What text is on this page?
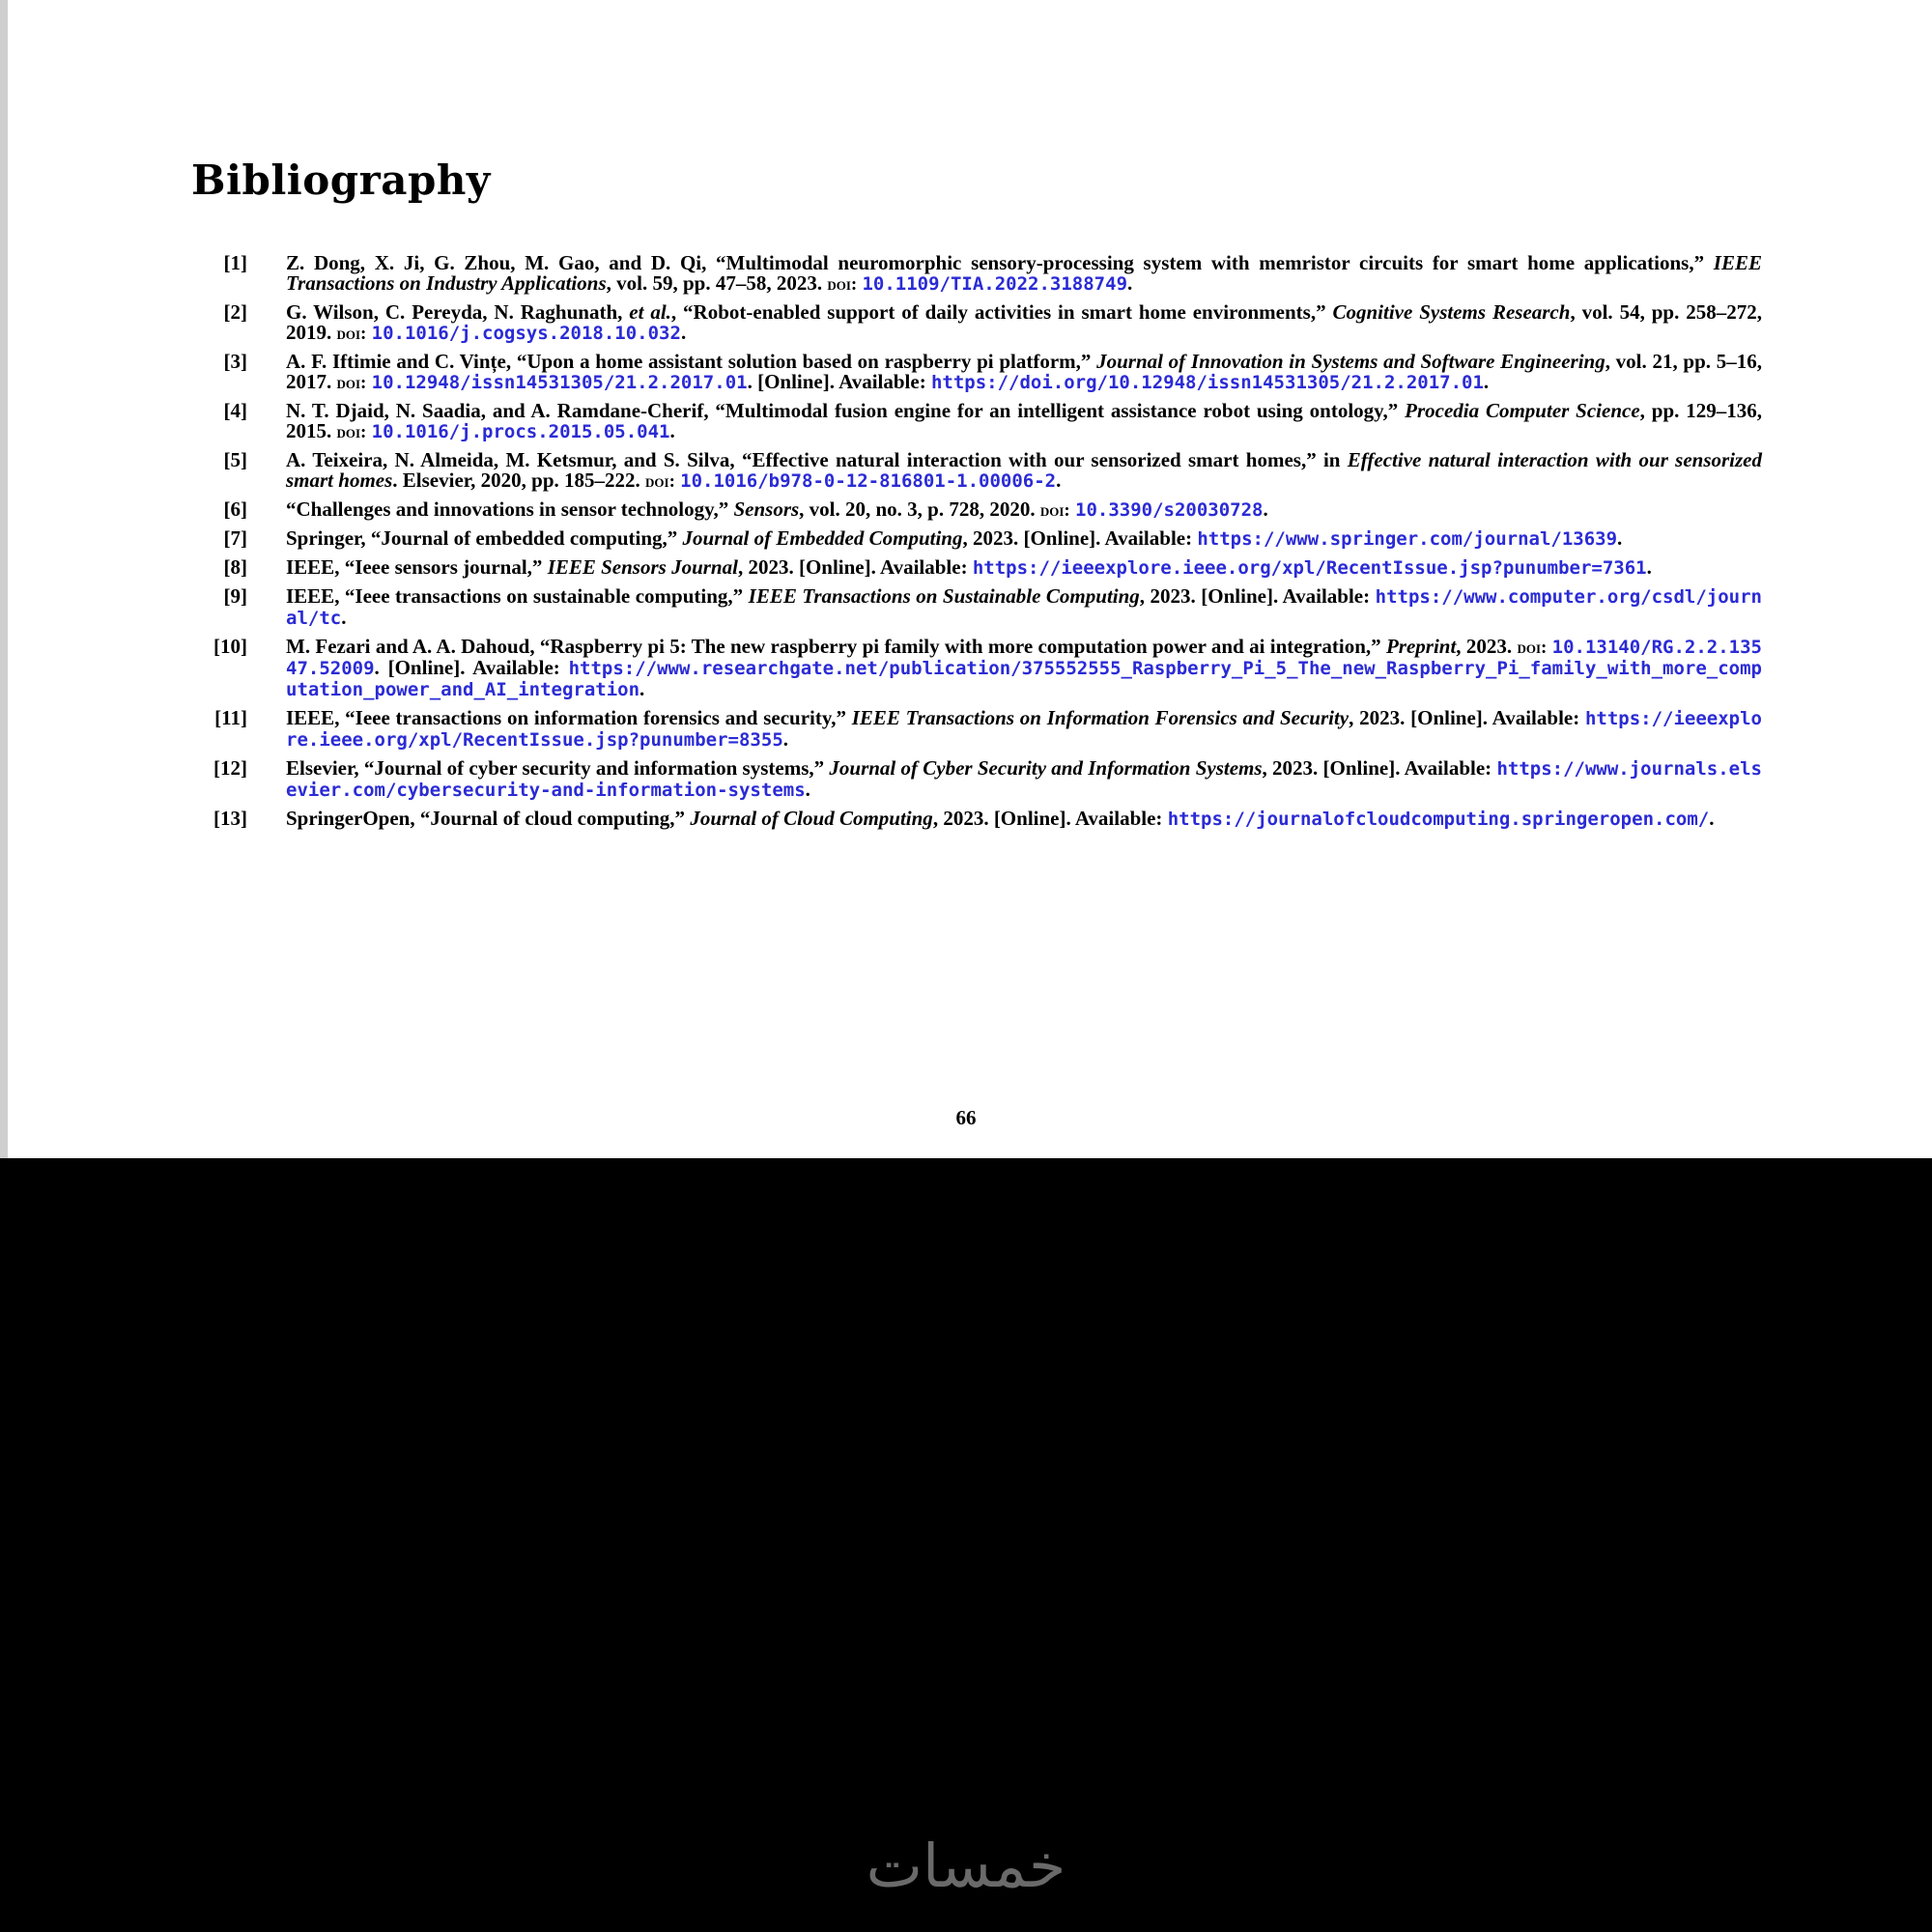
Bibliography
[1] Z. Dong, X. Ji, G. Zhou, M. Gao, and D. Qi, “Multimodal neuromorphic sensory-processing system with memristor circuits for smart home applications,” IEEE Transactions on Industry Applications, vol. 59, pp. 47–58, 2023. doi: 10.1109/TIA.2022.3188749.
[2] G. Wilson, C. Pereyda, N. Raghunath, et al., “Robot-enabled support of daily activities in smart home environments,” Cognitive Systems Research, vol. 54, pp. 258–272, 2019. doi: 10.1016/j.cogsys.2018.10.032.
[3] A. F. Iftimie and C. Vințe, “Upon a home assistant solution based on raspberry pi platform,” Journal of Innovation in Systems and Software Engineering, vol. 21, pp. 5–16, 2017. doi: 10.12948/issn14531305/21.2.2017.01. [Online]. Available: https://doi.org/10.12948/issn14531305/21.2.2017.01.
[4] N. T. Djaid, N. Saadia, and A. Ramdane-Cherif, “Multimodal fusion engine for an intelligent assistance robot using ontology,” Procedia Computer Science, pp. 129–136, 2015. doi: 10.1016/j.procs.2015.05.041.
[5] A. Teixeira, N. Almeida, M. Ketsmur, and S. Silva, “Effective natural interaction with our sensorized smart homes,” in Effective natural interaction with our sensorized smart homes. Elsevier, 2020, pp. 185–222. doi: 10.1016/b978-0-12-816801-1.00006-2.
[6] “Challenges and innovations in sensor technology,” Sensors, vol. 20, no. 3, p. 728, 2020. doi: 10.3390/s20030728.
[7] Springer, “Journal of embedded computing,” Journal of Embedded Computing, 2023. [Online]. Available: https://www.springer.com/journal/13639.
[8] IEEE, “Ieee sensors journal,” IEEE Sensors Journal, 2023. [Online]. Available: https://ieeexplore.ieee.org/xpl/RecentIssue.jsp?punumber=7361.
[9] IEEE, “Ieee transactions on sustainable computing,” IEEE Transactions on Sustainable Computing, 2023. [Online]. Available: https://www.computer.org/csdl/journal/tc.
[10] M. Fezari and A. A. Dahoud, “Raspberry pi 5: The new raspberry pi family with more computation power and ai integration,” Preprint, 2023. doi: 10.13140/RG.2.2.13547.52009. [Online]. Available: https://www.researchgate.net/publication/375552555_Raspberry_Pi_5_The_new_Raspberry_Pi_family_with_more_computation_power_and_AI_integration.
[11] IEEE, “Ieee transactions on information forensics and security,” IEEE Transactions on Information Forensics and Security, 2023. [Online]. Available: https://ieeexplore.ieee.org/xpl/RecentIssue.jsp?punumber=8355.
[12] Elsevier, “Journal of cyber security and information systems,” Journal of Cyber Security and Information Systems, 2023. [Online]. Available: https://www.journals.elsevier.com/cybersecurity-and-information-systems.
[13] SpringerOpen, “Journal of cloud computing,” Journal of Cloud Computing, 2023. [Online]. Available: https://journalofcloudcomputing.springeropen.com/.
66
خمسات
